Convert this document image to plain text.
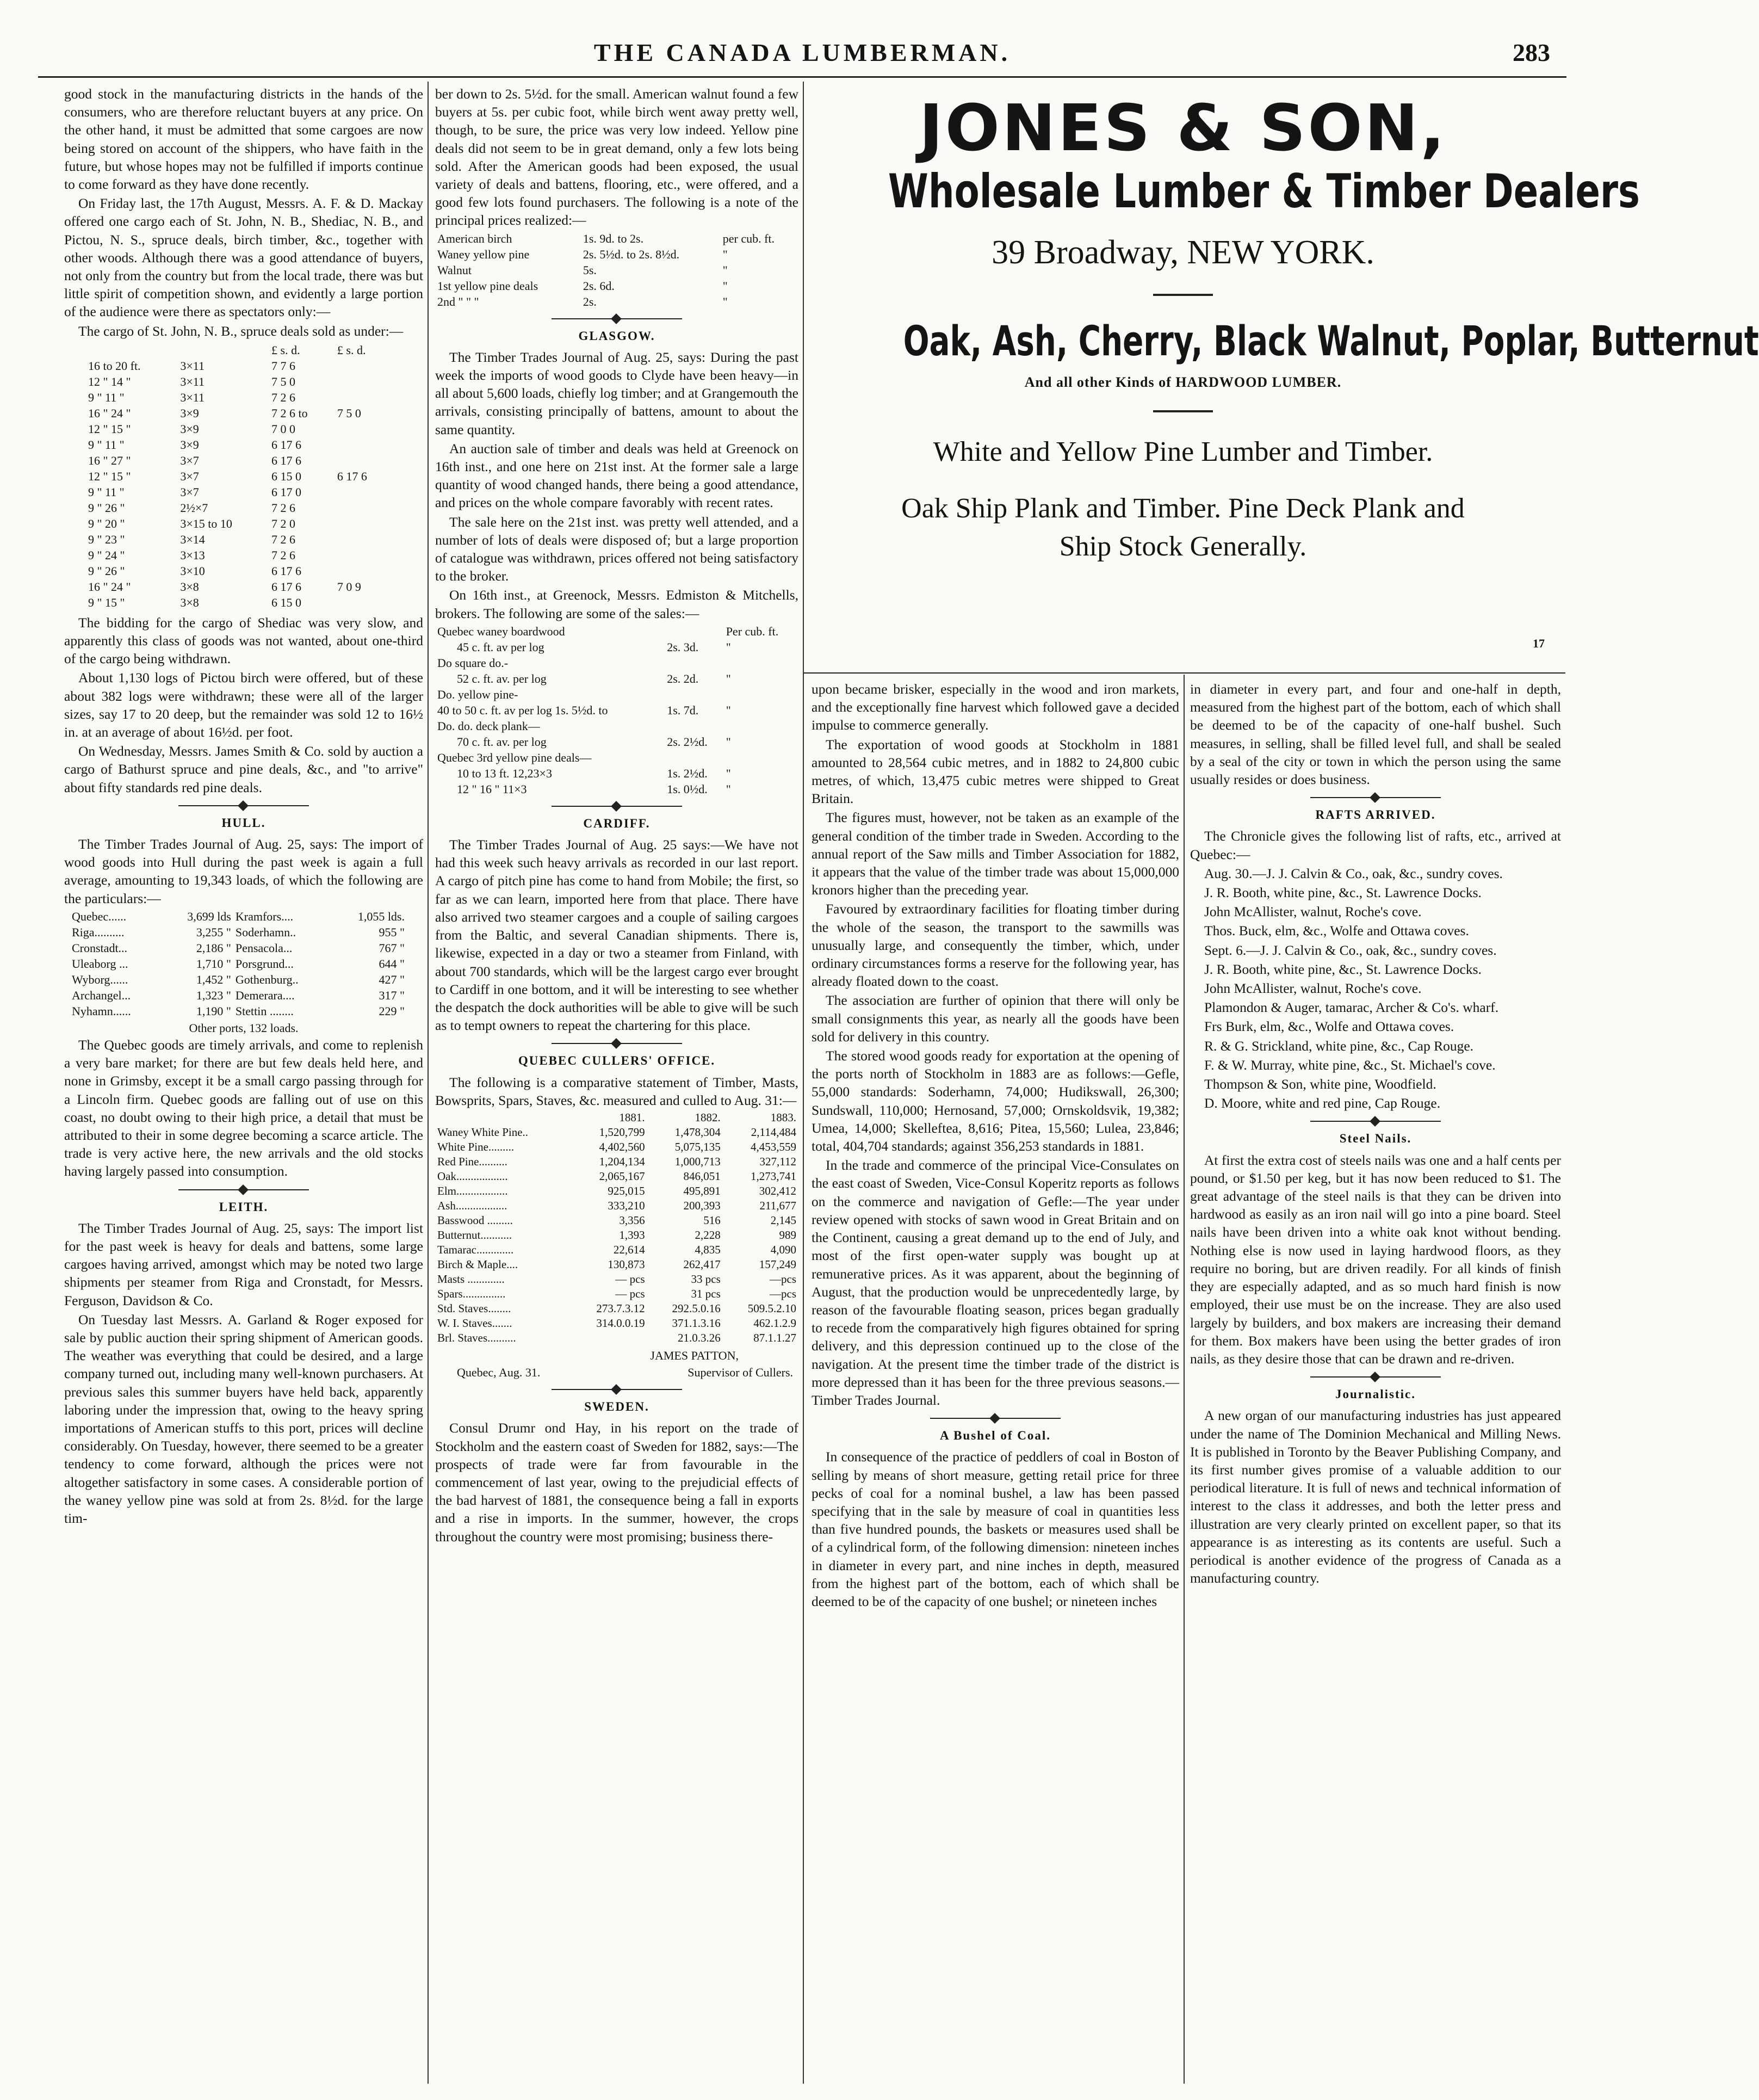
THE CANADA LUMBERMAN.	283

good stock in the manufacturing districts in the hands of the consumers, who are therefore reluctant buyers at any price. On the other hand, it must be admitted that some cargoes are now being stored on account of the shippers, who have faith in the future, but whose hopes may not be fulfilled if imports continue to come forward as they have done recently.

On Friday last, the 17th August, Messrs. A. F. & D. Mackay offered one cargo each of St. John, N. B., Shediac, N. B., and Pictou, N. S., spruce deals, birch timber, &c., together with other woods. Although there was a good attendance of buyers, not only from the country but from the local trade, there was but little spirit of competition shown, and evidently a large portion of the audience were there as spectators only:—

The cargo of St. John, N. B., spruce deals sold as under:—

		£ s. d.	£ s. d.
16 to 20 ft.	3×11	7 7 6	
12 " 14 "	3×11	7 5 0	
9 " 11 "	3×11	7 2 6	
16 " 24 "	3×9	7 2 6 to	7 5 0
12 " 15 "	3×9	7 0 0	
9 " 11 "	3×9	6 17 6	
16 " 27 "	3×7	6 17 6	
12 " 15 "	3×7	6 15 0	6 17 6
9 " 11 "	3×7	6 17 0	
9 " 26 "	2½×7	7 2 6	
9 " 20 "	3×15 to 10	7 2 0	
9 " 23 "	3×14	7 2 6	
9 " 24 "	3×13	7 2 6	
9 " 26 "	3×10	6 17 6	
16 " 24 "	3×8	6 17 6	7 0 9
9 " 15 "	3×8	6 15 0	

The bidding for the cargo of Shediac was very slow, and apparently this class of goods was not wanted, about one-third of the cargo being withdrawn.

About 1,130 logs of Pictou birch were offered, but of these about 382 logs were withdrawn; these were all of the larger sizes, say 17 to 20 deep, but the remainder was sold 12 to 16½ in. at an average of about 16½d. per foot.

On Wednesday, Messrs. James Smith & Co. sold by auction a cargo of Bathurst spruce and pine deals, &c., and "to arrive" about fifty standards red pine deals.

HULL.

The Timber Trades Journal of Aug. 25, says: The import of wood goods into Hull during the past week is again a full average, amounting to 19,343 loads, of which the following are the particulars:—

Quebec......	3,699 lds	Kramfors....	1,055 lds.
Riga..........	3,255 "	Soderhamn..	955 "
Cronstadt...	2,186 "	Pensacola...	767 "
Uleaborg ...	1,710 "	Porsgrund...	644 "
Wyborg......	1,452 "	Gothenburg..	427 "
Archangel...	1,323 "	Demerara....	317 "
Nyhamn......	1,190 "	Stettin ........	229 "
Other ports, 132 loads.

The Quebec goods are timely arrivals, and come to replenish a very bare market; for there are but few deals held here, and none in Grimsby, except it be a small cargo passing through for a Lincoln firm. Quebec goods are falling out of use on this coast, no doubt owing to their high price, a detail that must be attributed to their in some degree becoming a scarce article. The trade is very active here, the new arrivals and the old stocks having largely passed into consumption.

LEITH.

The Timber Trades Journal of Aug. 25, says: The import list for the past week is heavy for deals and battens, some large cargoes having arrived, amongst which may be noted two large shipments per steamer from Riga and Cronstadt, for Messrs. Ferguson, Davidson & Co.

On Tuesday last Messrs. A. Garland & Roger exposed for sale by public auction their spring shipment of American goods. The weather was everything that could be desired, and a large company turned out, including many well-known purchasers. At previous sales this summer buyers have held back, apparently laboring under the impression that, owing to the heavy spring importations of American stuffs to this port, prices will decline considerably. On Tuesday, however, there seemed to be a greater tendency to come forward, although the prices were not altogether satisfactory in some cases. A considerable portion of the waney yellow pine was sold at from 2s. 8½d. for the large tim-

ber down to 2s. 5½d. for the small. American walnut found a few buyers at 5s. per cubic foot, while birch went away pretty well, though, to be sure, the price was very low indeed. Yellow pine deals did not seem to be in great demand, only a few lots being sold. After the American goods had been exposed, the usual variety of deals and battens, flooring, etc., were offered, and a good few lots found purchasers. The following is a note of the principal prices realized:—

American birch	1s. 9d. to 2s.	per cub. ft.
Waney yellow pine	2s. 5½d. to 2s. 8½d.	"
Walnut	5s.	"
1st yellow pine deals	2s. 6d.	"
2nd " " "	2s.	"
GLASGOW.

The Timber Trades Journal of Aug. 25, says: During the past week the imports of wood goods to Clyde have been heavy—in all about 5,600 loads, chiefly log timber; and at Grangemouth the arrivals, consisting principally of battens, amount to about the same quantity.

An auction sale of timber and deals was held at Greenock on 16th inst., and one here on 21st inst. At the former sale a large quantity of wood changed hands, there being a good attendance, and prices on the whole compare favorably with recent rates.

The sale here on the 21st inst. was pretty well attended, and a number of lots of deals were disposed of; but a large proportion of catalogue was withdrawn, prices offered not being satisfactory to the broker.

On 16th inst., at Greenock, Messrs. Edmiston & Mitchells, brokers. The following are some of the sales:—

Quebec waney boardwood		Per cub. ft.
45 c. ft. av per log	2s. 3d.	"
Do square do.-		
52 c. ft. av. per log	2s. 2d.	"
Do. yellow pine-		
40 to 50 c. ft. av per log 1s. 5½d. to	1s. 7d.	"
Do. do. deck plank—		
70 c. ft. av. per log	2s. 2½d.	"
Quebec 3rd yellow pine deals—		
10 to 13 ft. 12,23×3	1s. 2½d.	"
12 " 16 " 11×3	1s. 0½d.	"
CARDIFF.

The Timber Trades Journal of Aug. 25 says:—We have not had this week such heavy arrivals as recorded in our last report. A cargo of pitch pine has come to hand from Mobile; the first, so far as we can learn, imported here from that place. There have also arrived two steamer cargoes and a couple of sailing cargoes from the Baltic, and several Canadian shipments. There is, likewise, expected in a day or two a steamer from Finland, with about 700 standards, which will be the largest cargo ever brought to Cardiff in one bottom, and it will be interesting to see whether the despatch the dock authorities will be able to give will be such as to tempt owners to repeat the chartering for this place.

QUEBEC CULLERS' OFFICE.

The following is a comparative statement of Timber, Masts, Bowsprits, Spars, Staves, &c. measured and culled to Aug. 31:—

	1881.	1882.	1883.
Waney White Pine..	1,520,799	1,478,304	2,114,484
White Pine.........	4,402,560	5,075,135	4,453,559
Red Pine..........	1,204,134	1,000,713	327,112
Oak..................	2,065,167	846,051	1,273,741
Elm..................	925,015	495,891	302,412
Ash..................	333,210	200,393	211,677
Basswood .........	3,356	516	2,145
Butternut...........	1,393	2,228	989
Tamarac.............	22,614	4,835	4,090
Birch & Maple....	130,873	262,417	157,249
Masts .............	— pcs	33 pcs	—pcs
Spars...............	— pcs	31 pcs	—pcs
Std. Staves........	273.7.3.12	292.5.0.16	509.5.2.10
W. I. Staves.......	314.0.0.19	371.1.3.16	462.1.2.9
Brl. Staves..........		21.0.3.26	87.1.1.27
JAMES PATTON,
Quebec, Aug. 31.	Supervisor of Cullers.
SWEDEN.

Consul Drumr ond Hay, in his report on the trade of Stockholm and the eastern coast of Sweden for 1882, says:—The prospects of trade were far from favourable in the commencement of last year, owing to the prejudicial effects of the bad harvest of 1881, the consequence being a fall in exports and a rise in imports. In the summer, however, the crops throughout the country were most promising; business there-

JONES & SON,
Wholesale Lumber & Timber Dealers
39 Broadway, NEW YORK.
Oak, Ash, Cherry, Black Walnut, Poplar, Butternut
And all other Kinds of HARDWOOD LUMBER.
White and Yellow Pine Lumber and Timber.
Oak Ship Plank and Timber. Pine Deck Plank and
Ship Stock Generally.
17

upon became brisker, especially in the wood and iron markets, and the exceptionally fine harvest which followed gave a decided impulse to commerce generally.

The exportation of wood goods at Stockholm in 1881 amounted to 28,564 cubic metres, and in 1882 to 24,800 cubic metres, of which, 13,475 cubic metres were shipped to Great Britain.

The figures must, however, not be taken as an example of the general condition of the timber trade in Sweden. According to the annual report of the Saw mills and Timber Association for 1882, it appears that the value of the timber trade was about 15,000,000 kronors higher than the preceding year.

Favoured by extraordinary facilities for floating timber during the whole of the season, the transport to the sawmills was unusually large, and consequently the timber, which, under ordinary circumstances forms a reserve for the following year, has already floated down to the coast.

The association are further of opinion that there will only be small consignments this year, as nearly all the goods have been sold for delivery in this country.

The stored wood goods ready for exportation at the opening of the ports north of Stockholm in 1883 are as follows:—Gefle, 55,000 standards: Soderhamn, 74,000; Hudikswall, 26,300; Sundswall, 110,000; Hernosand, 57,000; Ornskoldsvik, 19,382; Umea, 14,000; Skelleftea, 8,616; Pitea, 15,560; Lulea, 23,846; total, 404,704 standards; against 356,253 standards in 1881.

In the trade and commerce of the principal Vice-Consulates on the east coast of Sweden, Vice-Consul Koperitz reports as follows on the commerce and navigation of Gefle:—The year under review opened with stocks of sawn wood in Great Britain and on the Continent, causing a great demand up to the end of July, and most of the first open-water supply was bought up at remunerative prices. As it was apparent, about the beginning of August, that the production would be unprecedentedly large, by reason of the favourable floating season, prices began gradually to recede from the comparatively high figures obtained for spring delivery, and this depression continued up to the close of the navigation. At the present time the timber trade of the district is more depressed than it has been for the three previous seasons.—Timber Trades Journal.

A Bushel of Coal.

In consequence of the practice of peddlers of coal in Boston of selling by means of short measure, getting retail price for three pecks of coal for a nominal bushel, a law has been passed specifying that in the sale by measure of coal in quantities less than five hundred pounds, the baskets or measures used shall be of a cylindrical form, of the following dimension: nineteen inches in diameter in every part, and nine inches in depth, measured from the highest part of the bottom, each of which shall be deemed to be of the capacity of one bushel; or nineteen inches

in diameter in every part, and four and one-half in depth, measured from the highest part of the bottom, each of which shall be deemed to be of the capacity of one-half bushel. Such measures, in selling, shall be filled level full, and shall be sealed by a seal of the city or town in which the person using the same usually resides or does business.

RAFTS ARRIVED.

The Chronicle gives the following list of rafts, etc., arrived at Quebec:—

Aug. 30.—J. J. Calvin & Co., oak, &c., sundry coves.

J. R. Booth, white pine, &c., St. Lawrence Docks.

John McAllister, walnut, Roche's cove.

Thos. Buck, elm, &c., Wolfe and Ottawa coves.

Sept. 6.—J. J. Calvin & Co., oak, &c., sundry coves.

J. R. Booth, white pine, &c., St. Lawrence Docks.

John McAllister, walnut, Roche's cove.

Plamondon & Auger, tamarac, Archer & Co's. wharf.

Frs Burk, elm, &c., Wolfe and Ottawa coves.

R. & G. Strickland, white pine, &c., Cap Rouge.

F. & W. Murray, white pine, &c., St. Michael's cove.

Thompson & Son, white pine, Woodfield.

D. Moore, white and red pine, Cap Rouge.

Steel Nails.

At first the extra cost of steels nails was one and a half cents per pound, or $1.50 per keg, but it has now been reduced to $1. The great advantage of the steel nails is that they can be driven into hardwood as easily as an iron nail will go into a pine board. Steel nails have been driven into a white oak knot without bending. Nothing else is now used in laying hardwood floors, as they require no boring, but are driven readily. For all kinds of finish they are especially adapted, and as so much hard finish is now employed, their use must be on the increase. They are also used largely by builders, and box makers are increasing their demand for them. Box makers have been using the better grades of iron nails, as they desire those that can be drawn and re-driven.

Journalistic.

A new organ of our manufacturing industries has just appeared under the name of The Dominion Mechanical and Milling News. It is published in Toronto by the Beaver Publishing Company, and its first number gives promise of a valuable addition to our periodical literature. It is full of news and technical information of interest to the class it addresses, and both the letter press and illustration are very clearly printed on excellent paper, so that its appearance is as interesting as its contents are useful. Such a periodical is another evidence of the progress of Canada as a manufacturing country.
